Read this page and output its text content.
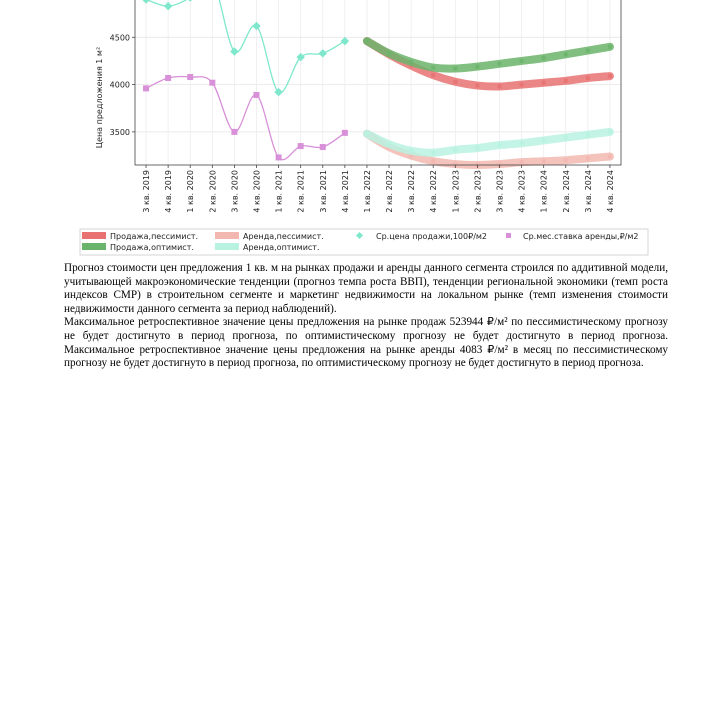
3500
4000
4500
3 кв. 2019 4 кв. 2019 1 кв. 2020 2 кв. 2020 3 кв. 2020 4 кв. 2020 1 кв. 2021 2 кв. 2021 3 кв. 2021 4 кв. 2021 1 кв. 2022 2 кв. 2022 3 кв. 2022 4 кв. 2022 1 кв. 2023 2 кв. 2023 3 кв. 2023 4 кв. 2023 1 кв. 2024 2 кв. 2024 3 кв. 2024 4 кв. 2024
Цена предложения 1 м²
Продажа,пессимист.	Аренда,пессимист.	Ср.цена продажи,100₽/м2	Ср.мес.ставка аренды,₽/м2
Продажа,оптимист.	Аренда,оптимист.

Прогноз стоимости цен предложения 1 кв. м на рынках продажи и аренды данного сегмента строился по аддитивной модели, учитывающей макроэкономические тенденции (прогноз темпа роста ВВП), тенденции региональной экономики (темп роста индексов СМР) в строительном сегменте и маркетинг недвижимости на локальном рынке (темп изменения стоимости недвижимости данного сегмента за период наблюдений).

Максимальное ретроспективное значение цены предложения на рынке продаж 523944 ₽/м² по пессимистическому прогнозу не будет достигнуто в период прогноза, по оптимистическому прогнозу не будет достигнуто в период прогноза. Максимальное ретроспективное значение цены предложения на рынке аренды 4083 ₽/м² в месяц по пессимистическому прогнозу не будет достигнуто в период прогноза, по оптимистическому прогнозу не будет достигнуто в период прогноза.
